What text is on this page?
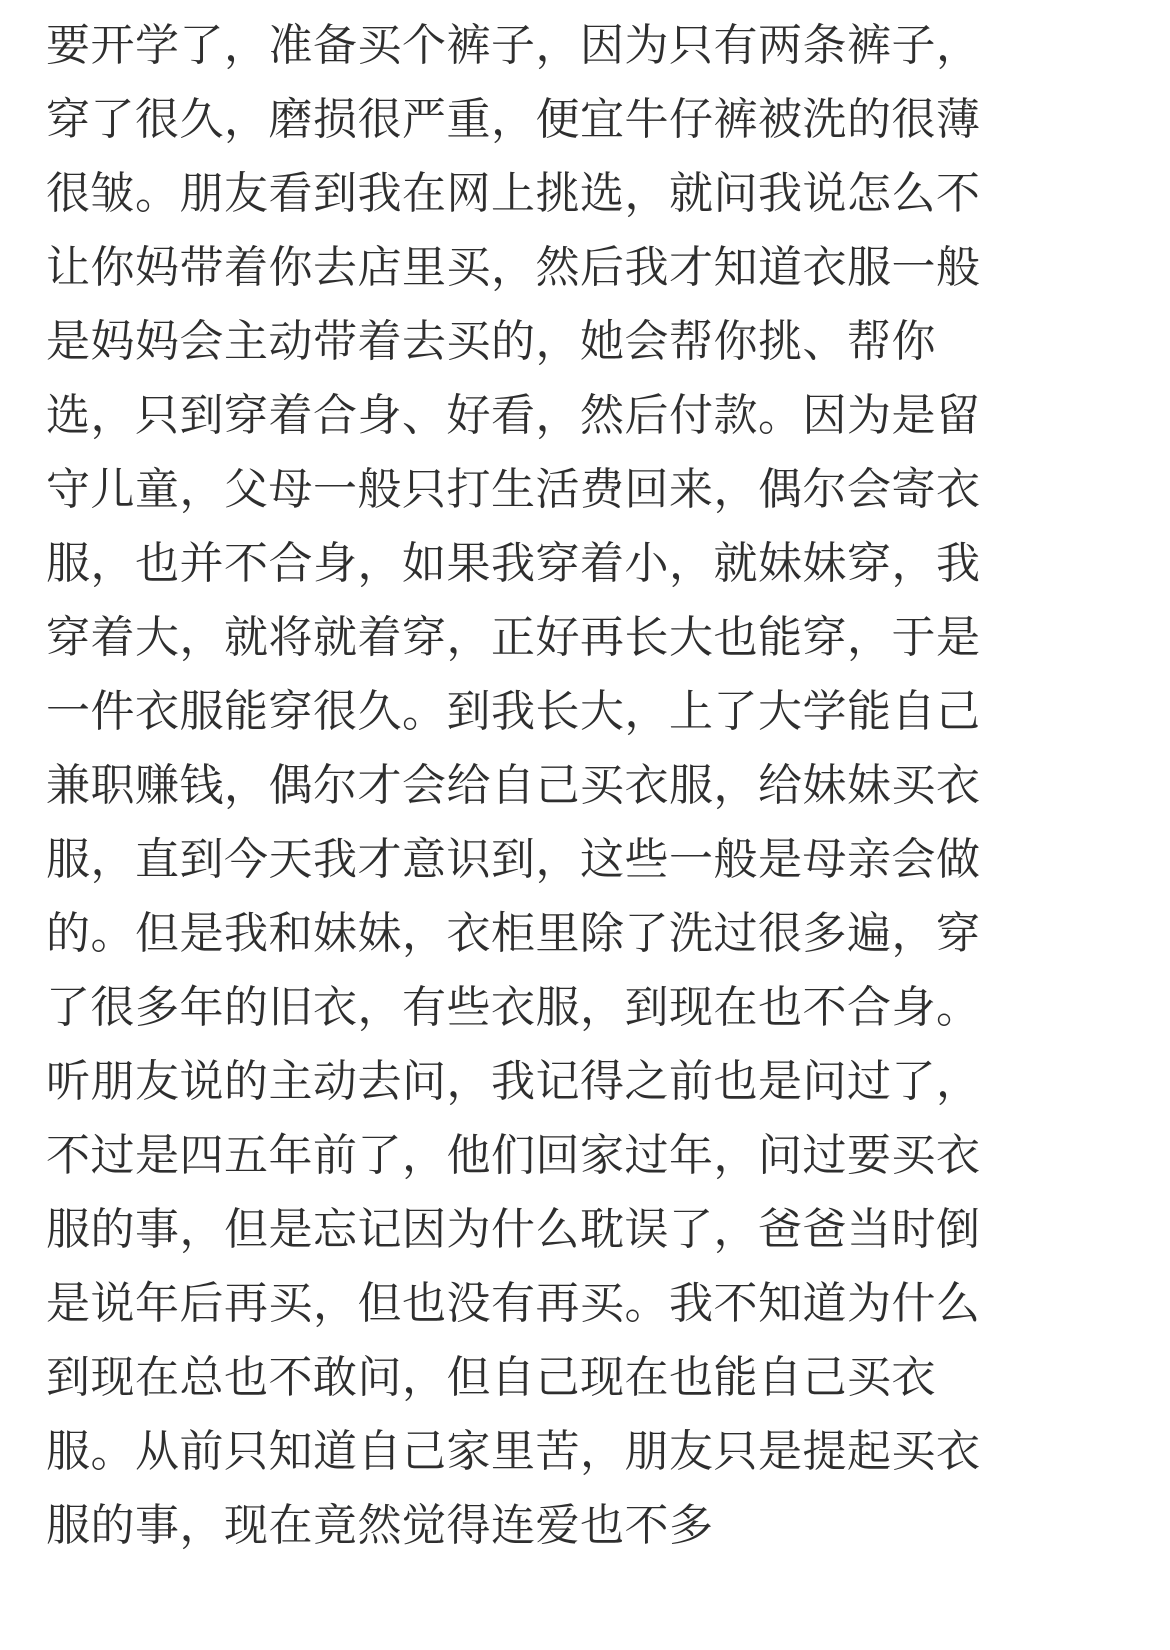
要开学了，准备买个裤子，因为只有两条裤子，
穿了很久，磨损很严重，便宜牛仔裤被洗的很薄
很皱。朋友看到我在网上挑选，就问我说怎么不
让你妈带着你去店里买，然后我才知道衣服一般
是妈妈会主动带着去买的，她会帮你挑、帮你
选，只到穿着合身、好看，然后付款。因为是留
守儿童，父母一般只打生活费回来，偶尔会寄衣
服，也并不合身，如果我穿着小，就妹妹穿，我
穿着大，就将就着穿，正好再长大也能穿，于是
一件衣服能穿很久。到我长大，上了大学能自己
兼职赚钱，偶尔才会给自己买衣服，给妹妹买衣
服，直到今天我才意识到，这些一般是母亲会做
的。但是我和妹妹，衣柜里除了洗过很多遍，穿
了很多年的旧衣，有些衣服，到现在也不合身。
听朋友说的主动去问，我记得之前也是问过了，
不过是四五年前了，他们回家过年，问过要买衣
服的事，但是忘记因为什么耽误了，爸爸当时倒
是说年后再买，但也没有再买。我不知道为什么
到现在总也不敢问，但自己现在也能自己买衣
服。从前只知道自己家里苦，朋友只是提起买衣
服的事，现在竟然觉得连爱也不多
